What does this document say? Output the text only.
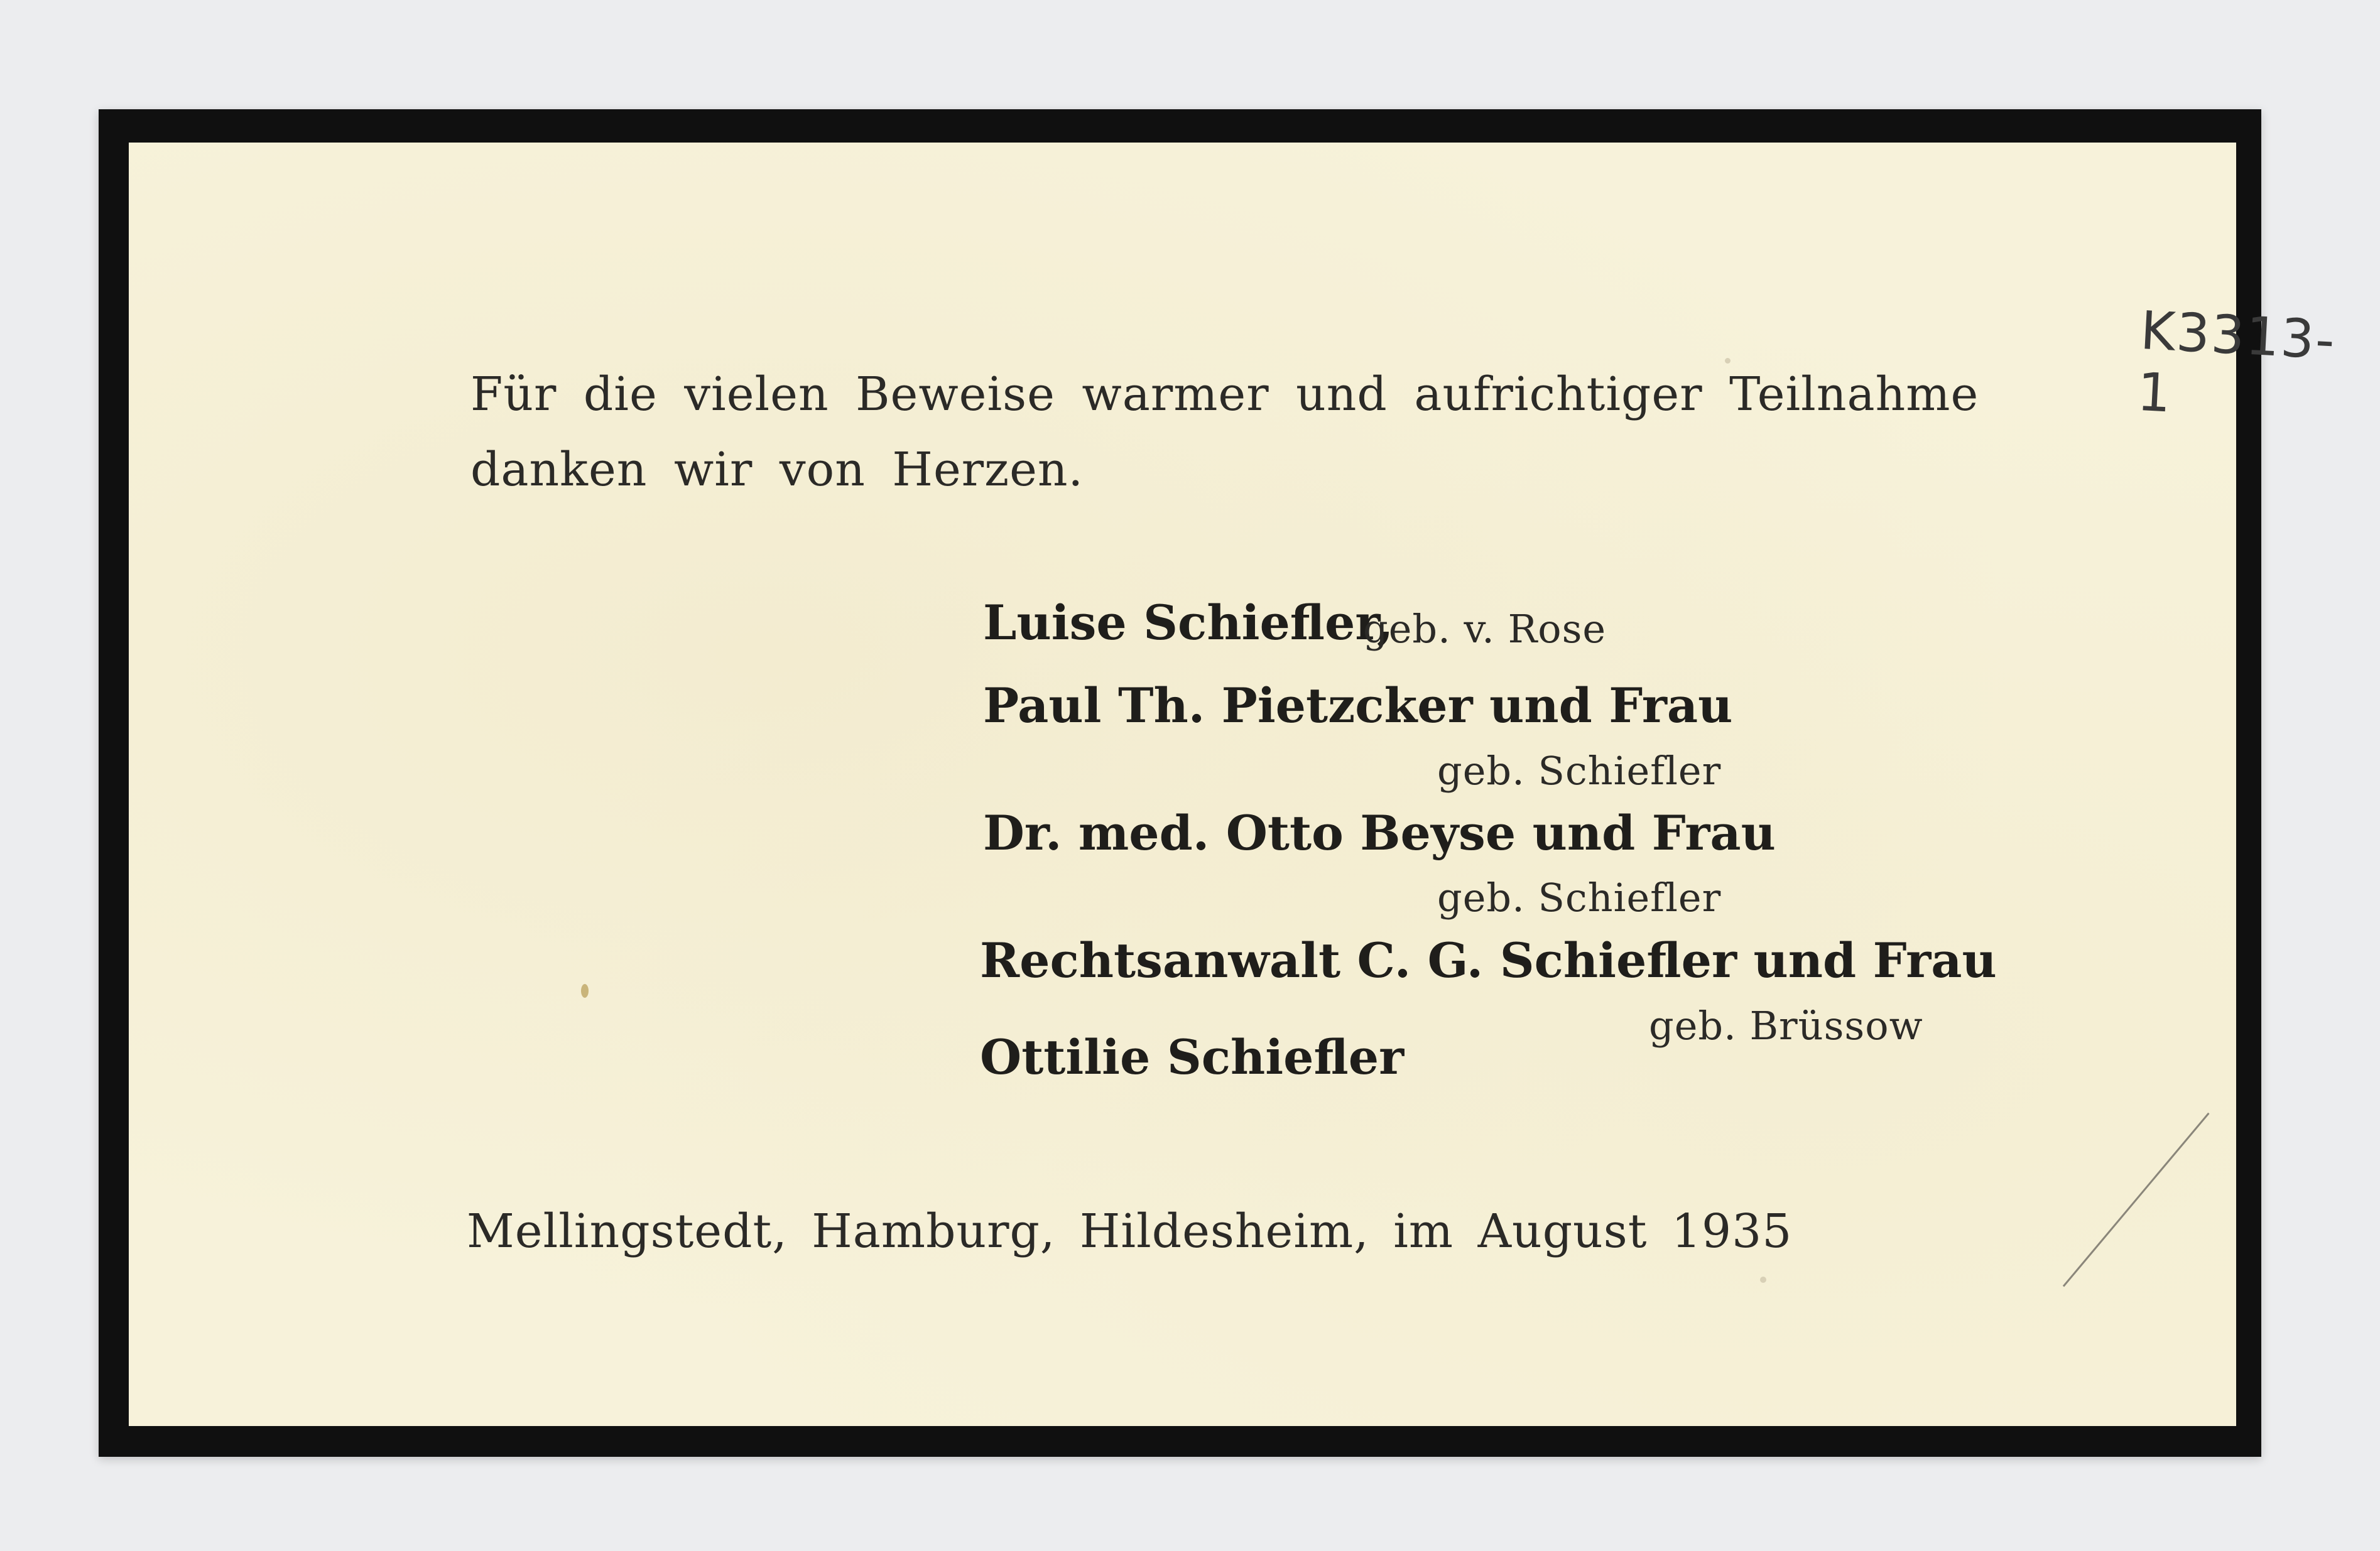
K3313-1
Für die vielen Beweise warmer und aufrichtiger Teilnahme
danken wir von Herzen.
Luise Schiefler,
geb. v. Rose
Paul Th. Pietzcker und Frau
geb. Schiefler
Dr. med. Otto Beyse und Frau
geb. Schiefler
Rechtsanwalt C. G. Schiefler und Frau
geb. Brüssow
Ottilie Schiefler
Mellingstedt, Hamburg, Hildesheim, im August 1935
